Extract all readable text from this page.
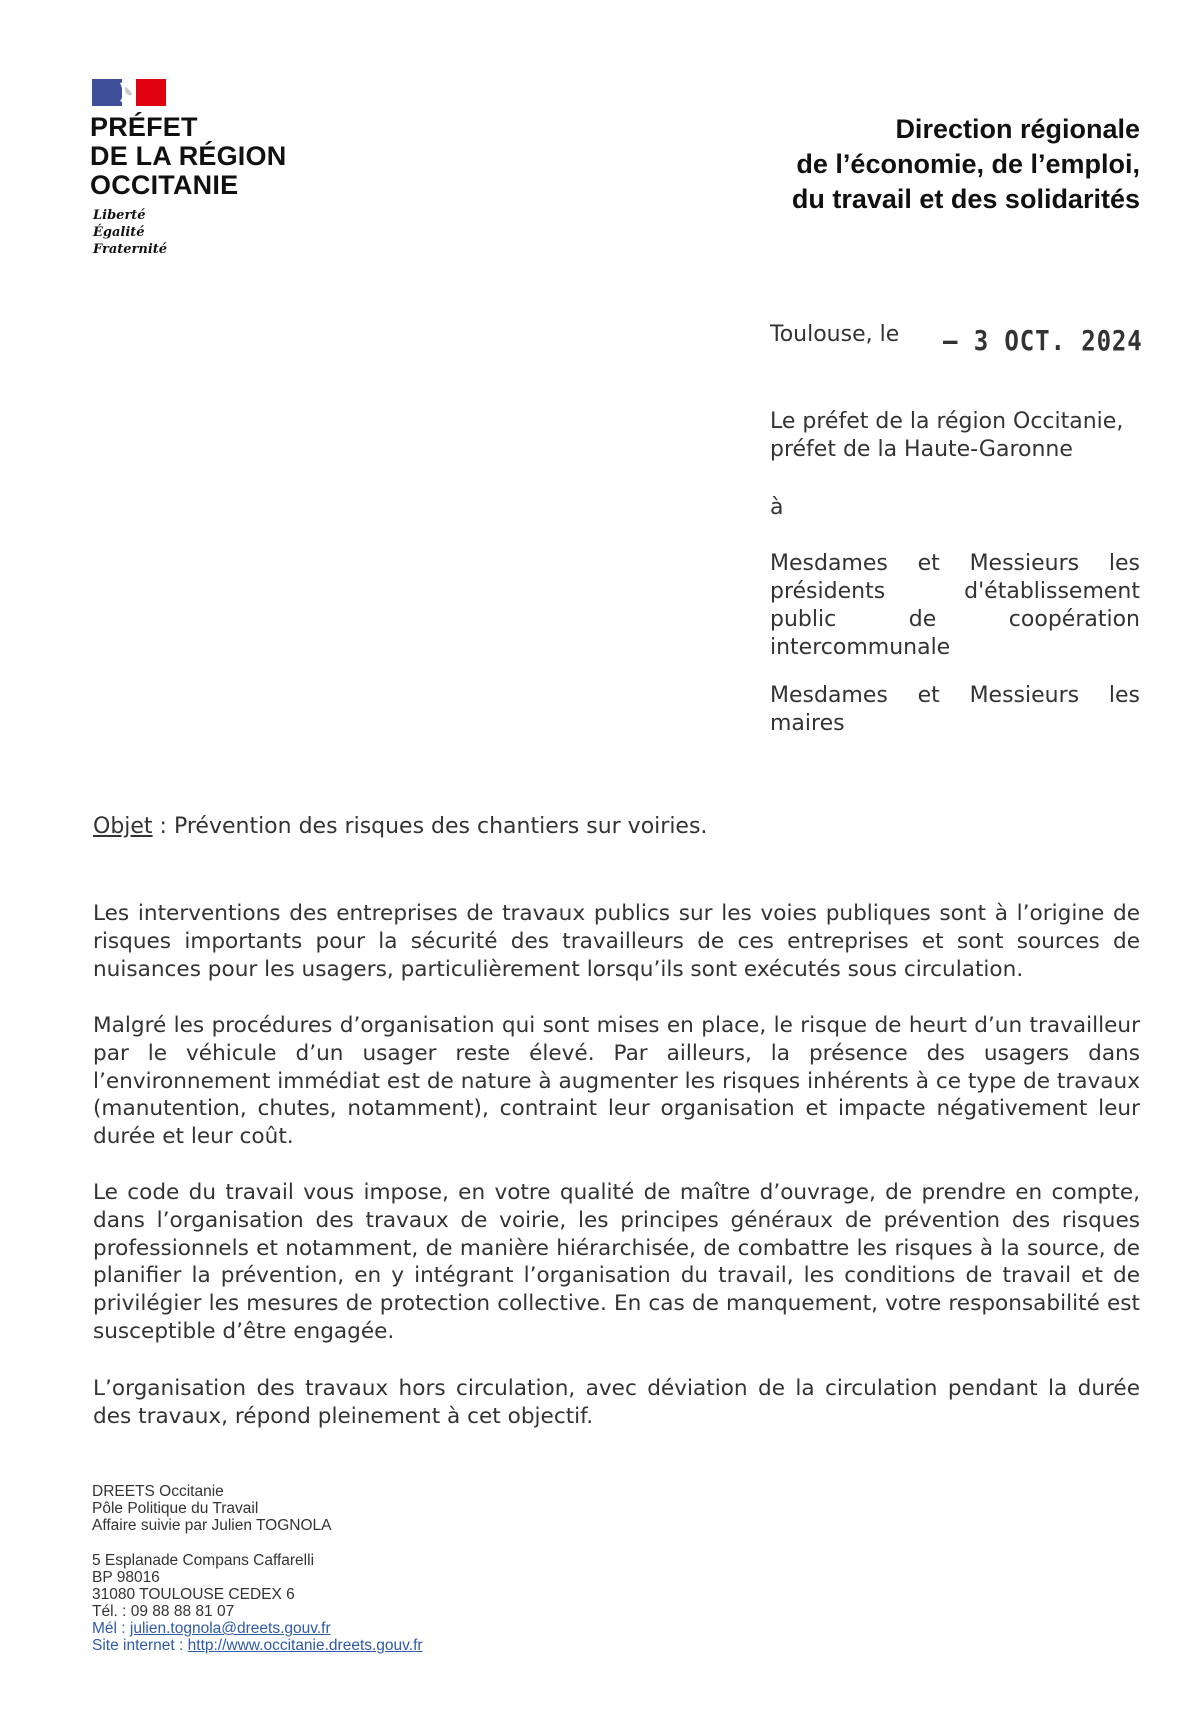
PRÉFET
DE LA RÉGION
OCCITANIE
Liberté
Égalité
Fraternité
Direction régionale
de l’économie, de l’emploi,
du travail et des solidarités
Toulouse, le – 3 OCT. 2024
Le préfet de la région Occitanie,
préfet de la Haute-Garonne
à
Mesdames et Messieurs les
présidents d'établissement
public de coopération
intercommunale
Mesdames et Messieurs les
maires
Objet : Prévention des risques des chantiers sur voiries.
Les interventions des entreprises de travaux publics sur les voies publiques sont à l’origine de risques importants pour la sécurité des travailleurs de ces entreprises et sont sources de nuisances pour les usagers, particulièrement lorsqu’ils sont exécutés sous circulation.
Malgré les procédures d’organisation qui sont mises en place, le risque de heurt d’un travailleur par le véhicule d’un usager reste élevé. Par ailleurs, la présence des usagers dans l’environnement immédiat est de nature à augmenter les risques inhérents à ce type de travaux (manutention, chutes, notamment), contraint leur organisation et impacte négativement leur durée et leur coût.
Le code du travail vous impose, en votre qualité de maître d’ouvrage, de prendre en compte, dans l’organisation des travaux de voirie, les principes généraux de prévention des risques professionnels et notamment, de manière hiérarchisée, de combattre les risques à la source, de planifier la prévention, en y intégrant l’organisation du travail, les conditions de travail et de privilégier les mesures de protection collective. En cas de manquement, votre responsabilité est susceptible d’être engagée.
L’organisation des travaux hors circulation, avec déviation de la circulation pendant la durée des travaux, répond pleinement à cet objectif.
DREETS Occitanie
Pôle Politique du Travail
Affaire suivie par Julien TOGNOLA
5 Esplanade Compans Caffarelli
BP 98016
31080 TOULOUSE CEDEX 6
Tél. : 09 88 88 81 07
Mél : julien.tognola@dreets.gouv.fr
Site internet : http://www.occitanie.dreets.gouv.fr
